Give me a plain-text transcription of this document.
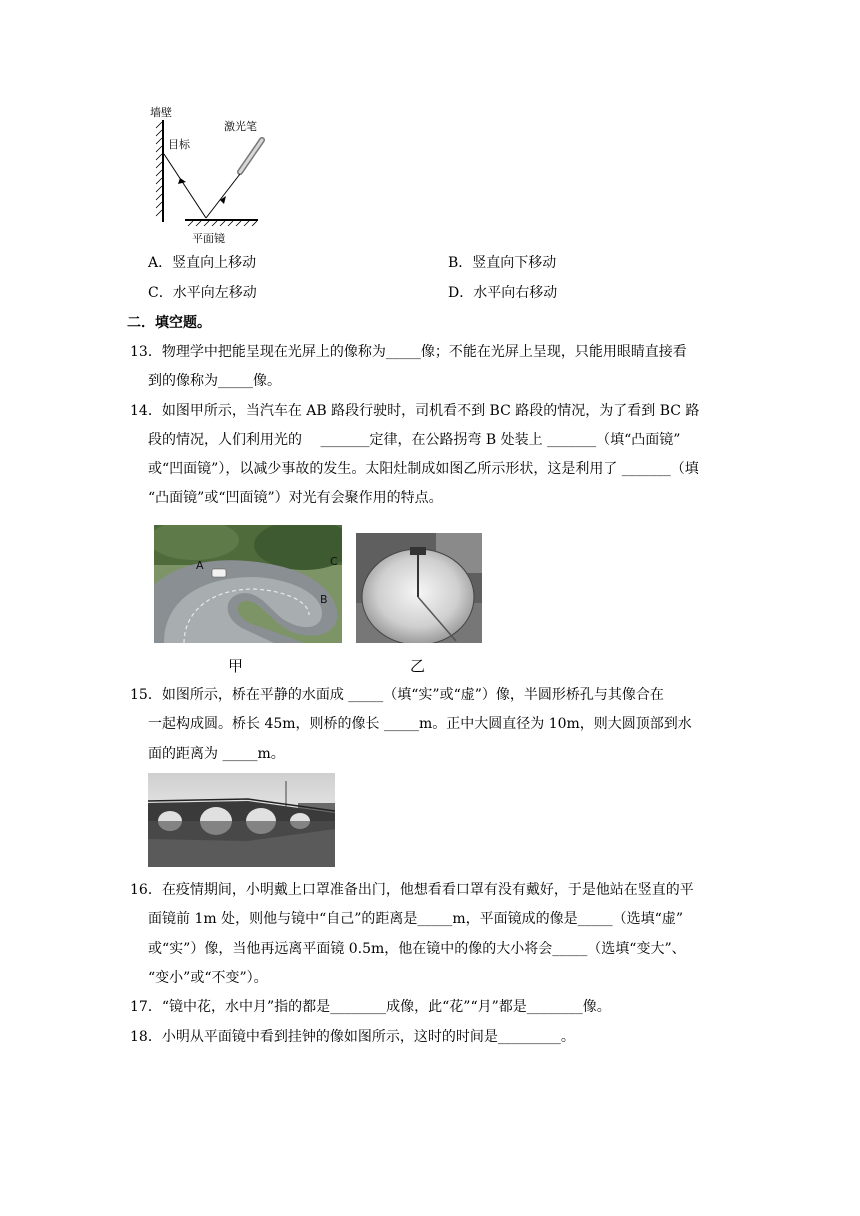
墙壁
目标
激光笔
平面镜
A．竖直向上移动	B．竖直向下移动
C．水平向左移动	D．水平向右移动
二．填空题。
13．物理学中把能呈现在光屏上的像称为_____像；不能在光屏上呈现，只能用眼睛直接看
到的像称为_____像。
14．如图甲所示，当汽车在 AB 路段行驶时，司机看不到 BC 路段的情况，为了看到 BC 路
段的情况，人们利用光的　 _______定律，在公路拐弯 B 处装上 _______（填“凸面镜”
或“凹面镜”），以减少事故的发生。太阳灶制成如图乙所示形状，这是利用了 _______（填
“凸面镜”或“凹面镜”）对光有会聚作用的特点。
A
B
C
甲	乙
15．如图所示，桥在平静的水面成 _____（填“实”或“虚”）像，半圆形桥孔与其像合在
一起构成圆。桥长 45m，则桥的像长 _____m。正中大圆直径为 10m，则大圆顶部到水
面的距离为 _____m。
16．在疫情期间，小明戴上口罩准备出门，他想看看口罩有没有戴好，于是他站在竖直的平
面镜前 1m 处，则他与镜中“自己”的距离是_____m，平面镜成的像是_____（选填“虚”
或“实”）像，当他再远离平面镜 0.5m，他在镜中的像的大小将会_____（选填“变大”、
“变小”或“不变”）。
17．“镜中花，水中月”指的都是________成像，此“花”“月”都是________像。
18．小明从平面镜中看到挂钟的像如图所示，这时的时间是_________。
